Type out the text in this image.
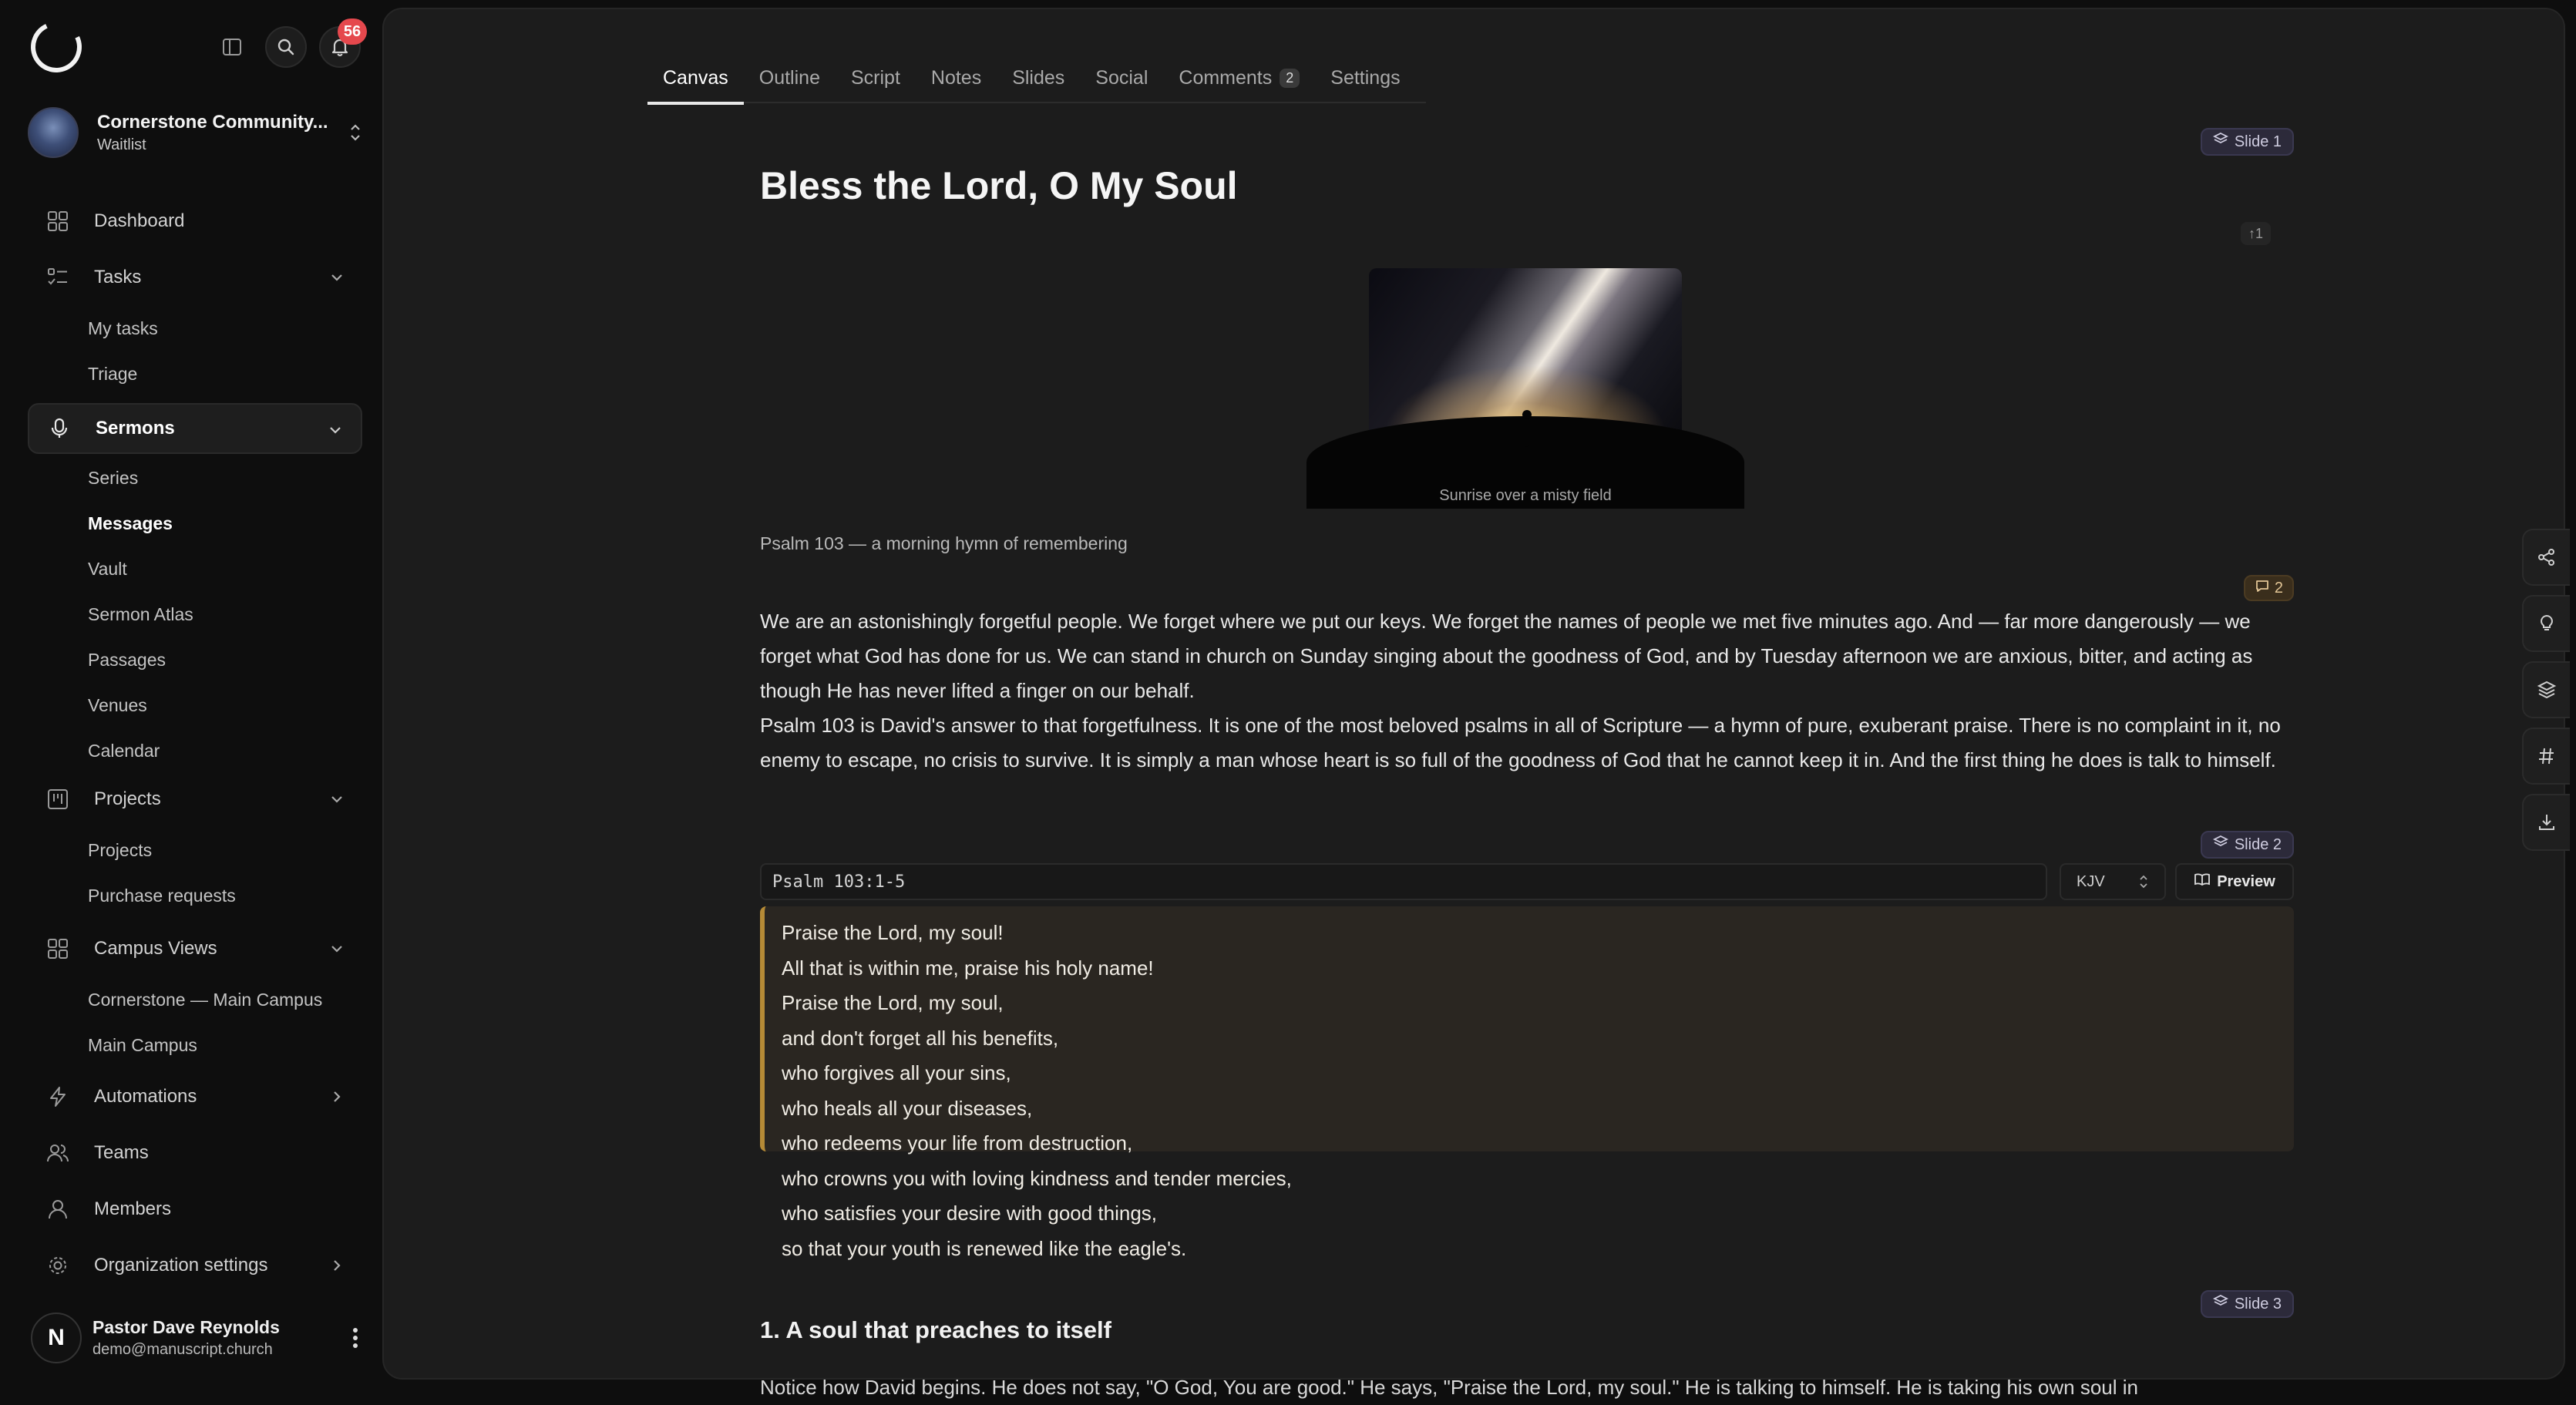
56
Cornerstone Community...
Waitlist
Dashboard
Tasks
My tasks
Triage
Sermons
Series
Messages
Vault
Sermon Atlas
Passages
Venues
Calendar
Projects
Projects
Purchase requests
Campus Views
Cornerstone — Main Campus
Main Campus
Automations
Teams
Members
Organization settings
N	Pastor Dave Reynolds
demo@manuscript.church
Canvas Outline Script Notes Slides Social Comments	2	Settings
Slide 1
Bless the Lord, O My Soul
↑1
Sunrise over a misty field
Psalm 103 — a morning hymn of remembering
2

We are an astonishingly forgetful people. We forget where we put our keys. We forget the names of people we met five minutes ago. And — far more dangerously — we forget what God has done for us. We can stand in church on Sunday singing about the goodness of God, and by Tuesday afternoon we are anxious, bitter, and acting as though He has never lifted a finger on our behalf.

Psalm 103 is David's answer to that forgetfulness. It is one of the most beloved psalms in all of Scripture — a hymn of pure, exuberant praise. There is no complaint in it, no enemy to escape, no crisis to survive. It is simply a man whose heart is so full of the goodness of God that he cannot keep it in. And the first thing he does is talk to himself.

Slide 2
Psalm 103:1-5	KJV	Preview
Praise the Lord, my soul!
All that is within me, praise his holy name!
Praise the Lord, my soul,
and don't forget all his benefits,
who forgives all your sins,
who heals all your diseases,
who redeems your life from destruction,
who crowns you with loving kindness and tender mercies,
who satisfies your desire with good things,
so that your youth is renewed like the eagle's.
Slide 3
1. A soul that preaches to itself
Notice how David begins. He does not say, "O God, You are good." He says, "Praise the Lord, my soul." He is talking to himself. He is taking his own soul in
